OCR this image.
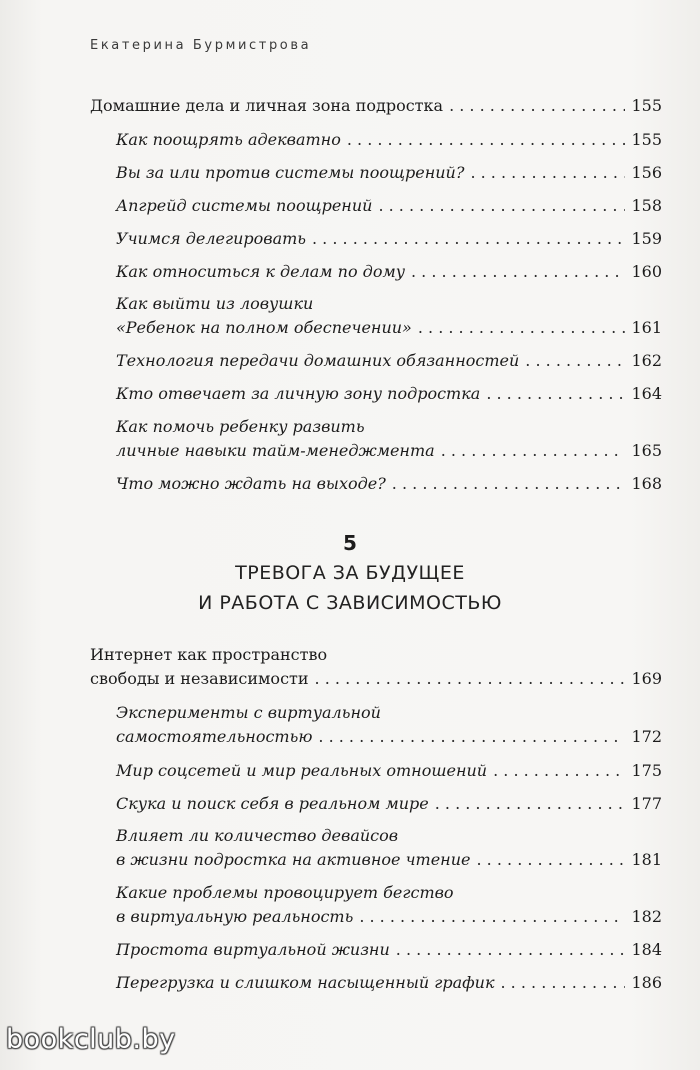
Екатерина Бурмистрова
Домашние дела и личная зона подростка . . .	155
Как поощрять адекватно . . .	155
Вы за или против системы поощрений? . . .	156
Апгрейд системы поощрений . . .	158
Учимся делегировать . . .	159
Как относиться к делам по дому . . .	160
Как выйти из ловушки
«Ребенок на полном обеспечении» . . .	161
Технология передачи домашних обязанностей . . .	162
Кто отвечает за личную зону подростка . . .	164
Как помочь ребенку развить
личные навыки тайм-менеджмента . . .	165
Что можно ждать на выходе? . . .	168
5
ТРЕВОГА ЗА БУДУЩЕЕ
И РАБОТА С ЗАВИСИМОСТЬЮ
Интернет как пространство
свободы и независимости . . .	169
Эксперименты с виртуальной
самостоятельностью . . .	172
Мир соцсетей и мир реальных отношений . . .	175
Скука и поиск себя в реальном мире . . .	177
Влияет ли количество девайсов
в жизни подростка на активное чтение . . .	181
Какие проблемы провоцирует бегство
в виртуальную реальность . . .	182
Простота виртуальной жизни . . .	184
Перегрузка и слишком насыщенный график . . .	186
bookclub.by
